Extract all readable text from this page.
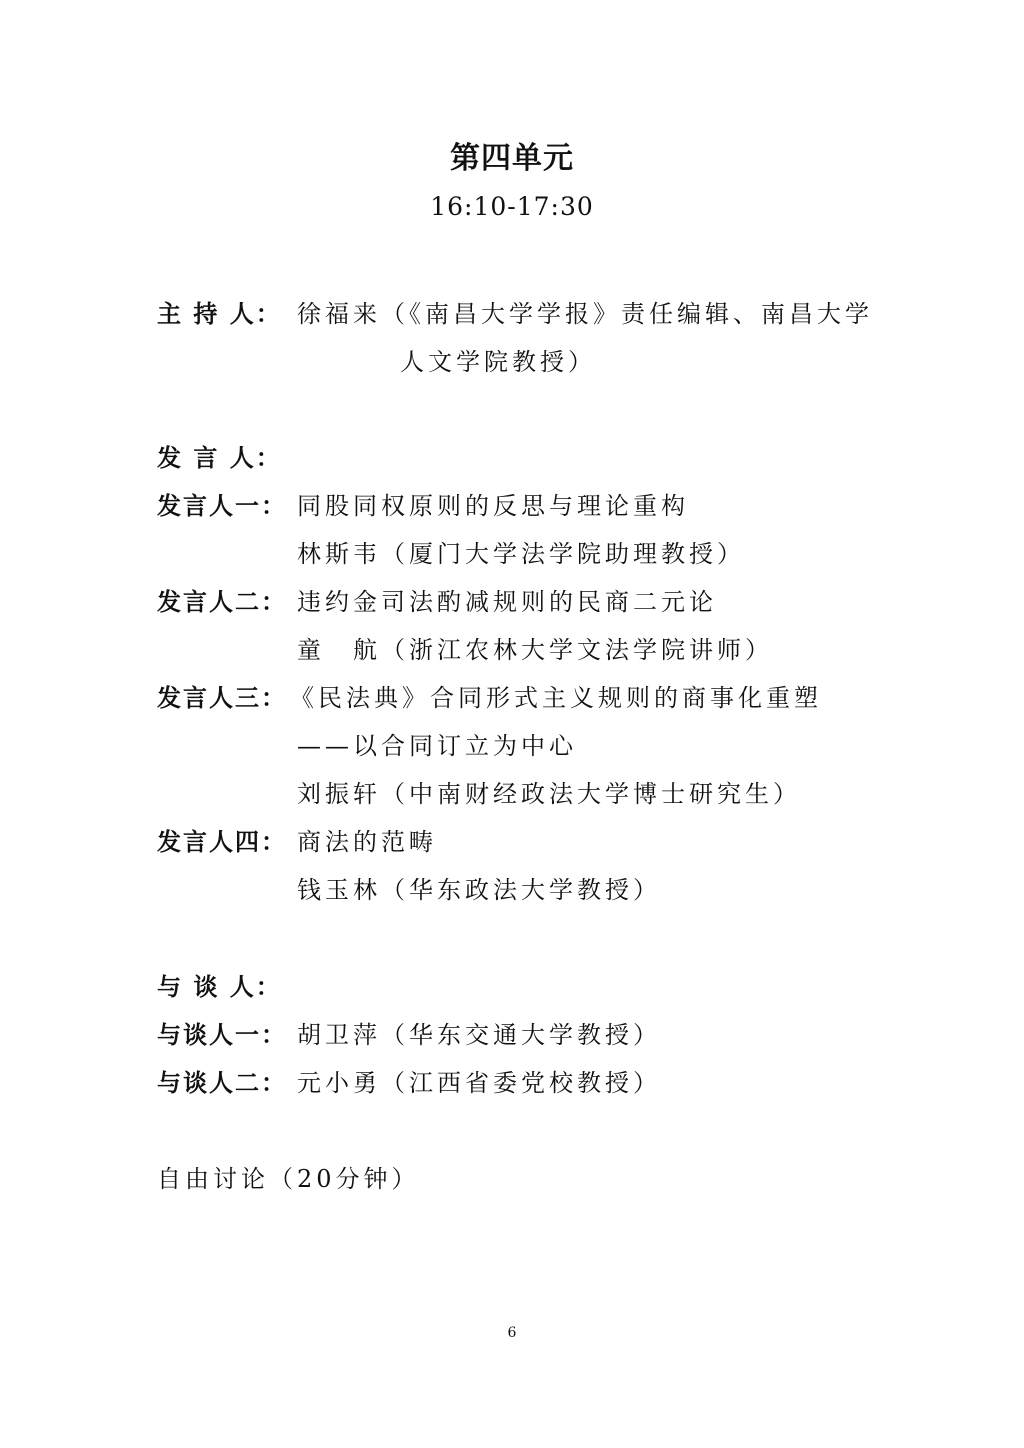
第四单元
16:10-17:30
主 持 人： 徐福来（《南昌大学学报》责任编辑、南昌大学
人文学院教授）
发 言 人：
发言人一： 同股同权原则的反思与理论重构
林斯韦（厦门大学法学院助理教授）
发言人二： 违约金司法酌减规则的民商二元论
童　航（浙江农林大学文法学院讲师）
发言人三： 《民法典》合同形式主义规则的商事化重塑
——以合同订立为中心
刘振轩（中南财经政法大学博士研究生）
发言人四： 商法的范畴
钱玉林（华东政法大学教授）
与 谈 人：
与谈人一： 胡卫萍（华东交通大学教授）
与谈人二： 元小勇（江西省委党校教授）
自由讨论（20分钟）
6
